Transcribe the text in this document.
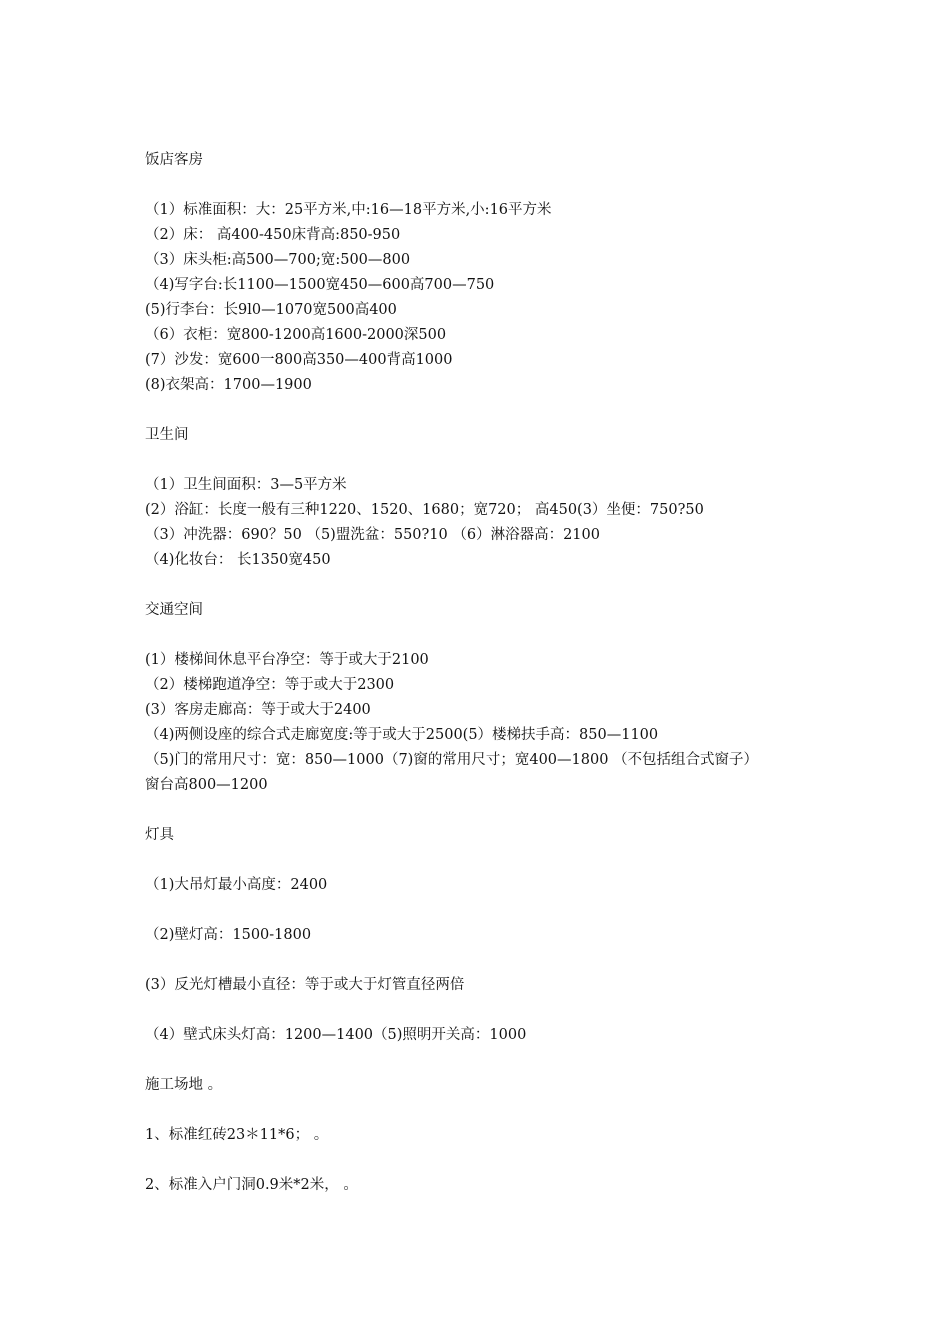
饭店客房
（1）标准面积：大：25平方米,中:16—18平方米,小:16平方米
（2）床： 高400-450床背高:850-950
（3）床头柜:高500—700;宽:500—800
（4)写字台:长1100—1500宽450—600高700—750
(5)行李台：长9l0—1070宽500高400
（6）衣柜：宽800-1200高1600-2000深500
(7）沙发：宽600一800高350—400背高1000
(8)衣架高：1700—1900
卫生间
（1）卫生间面积：3—5平方米
(2）浴缸：长度一般有三种1220、1520、1680；宽720； 高450(3）坐便：750?50
（3）冲洗器：690？50 （5)盟洗盆：550?10 （6）淋浴器高：2100
（4)化妆台： 长1350宽450
交通空间
(1）楼梯间休息平台净空：等于或大于2100
（2）楼梯跑道净空：等于或大于2300
(3）客房走廊高：等于或大于2400
（4)两侧设座的综合式走廊宽度:等于或大于2500(5）楼梯扶手高：850—1100
（5)门的常用尺寸：宽：850—1000（7)窗的常用尺寸；宽400—1800 （不包括组合式窗子）
窗台高800—1200
灯具
（1)大吊灯最小高度：2400
（2)壁灯高：1500-1800
(3）反光灯槽最小直径：等于或大于灯管直径两倍
（4）壁式床头灯高：1200—1400（5)照明开关高：1000
施工场地 。
1、标准红砖23＊11*6； 。
2、标准入户门洞0.9米*2米， 。
